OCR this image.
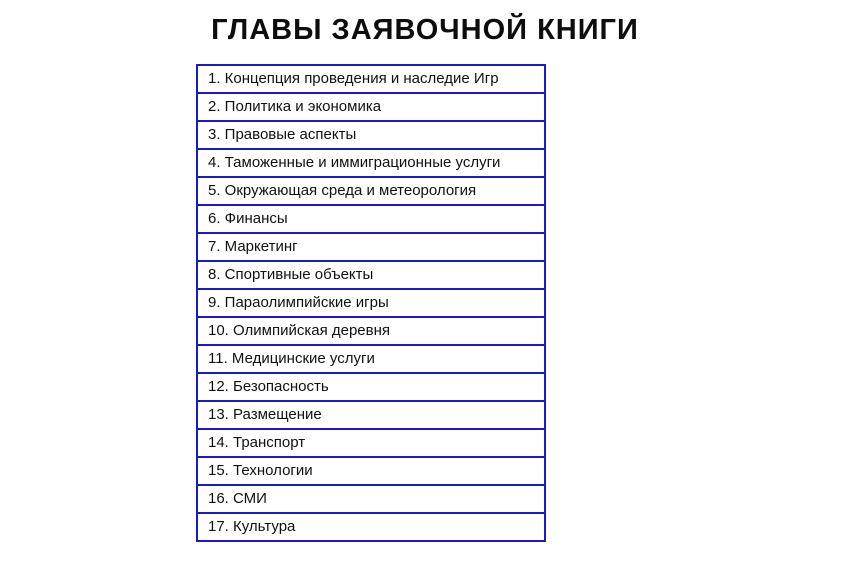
ГЛАВЫ ЗАЯВОЧНОЙ КНИГИ
1. Концепция проведения и наследие Игр
2. Политика и экономика
3. Правовые аспекты
4. Таможенные и иммиграционные услуги
5. Окружающая среда и метеорология
6. Финансы
7. Маркетинг
8. Спортивные объекты
9. Параолимпийские игры
10. Олимпийская деревня
11. Медицинские услуги
12. Безопасность
13. Размещение
14. Транспорт
15. Технологии
16. СМИ
17. Культура
